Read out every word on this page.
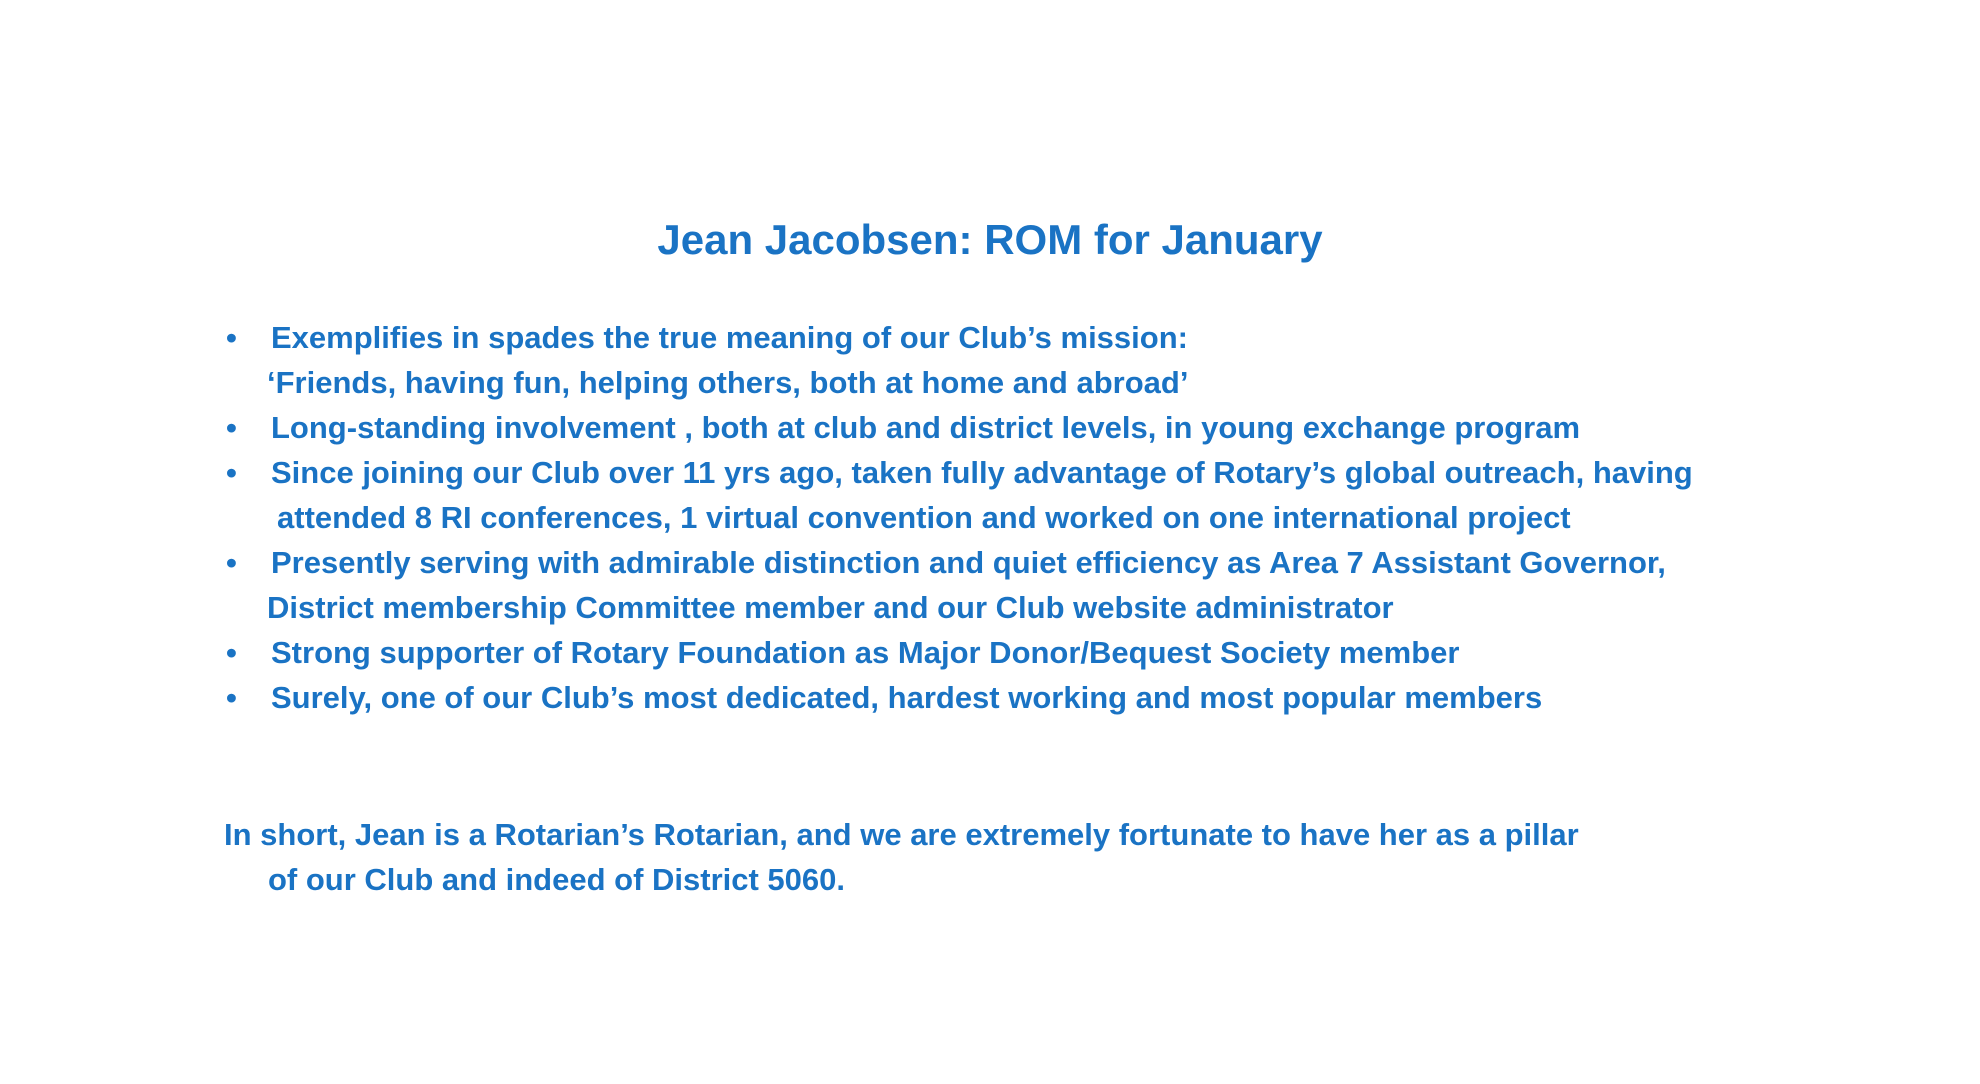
Jean Jacobsen: ROM for January
• Exemplifies in spades the true meaning of our Club’s mission:
‘Friends, having fun, helping others, both at home and abroad’
• Long-standing involvement , both at club and district levels, in young exchange program
• Since joining our Club over 11 yrs ago, taken fully advantage of Rotary’s global outreach, having
attended 8 RI conferences, 1 virtual convention and worked on one international project
• Presently serving with admirable distinction and quiet efficiency as Area 7 Assistant Governor,
District membership Committee member and our Club website administrator
• Strong supporter of Rotary Foundation as Major Donor/Bequest Society member
• Surely, one of our Club’s most dedicated, hardest working and most popular members
In short, Jean is a Rotarian’s Rotarian, and we are extremely fortunate to have her as a pillar
of our Club and indeed of District 5060.
